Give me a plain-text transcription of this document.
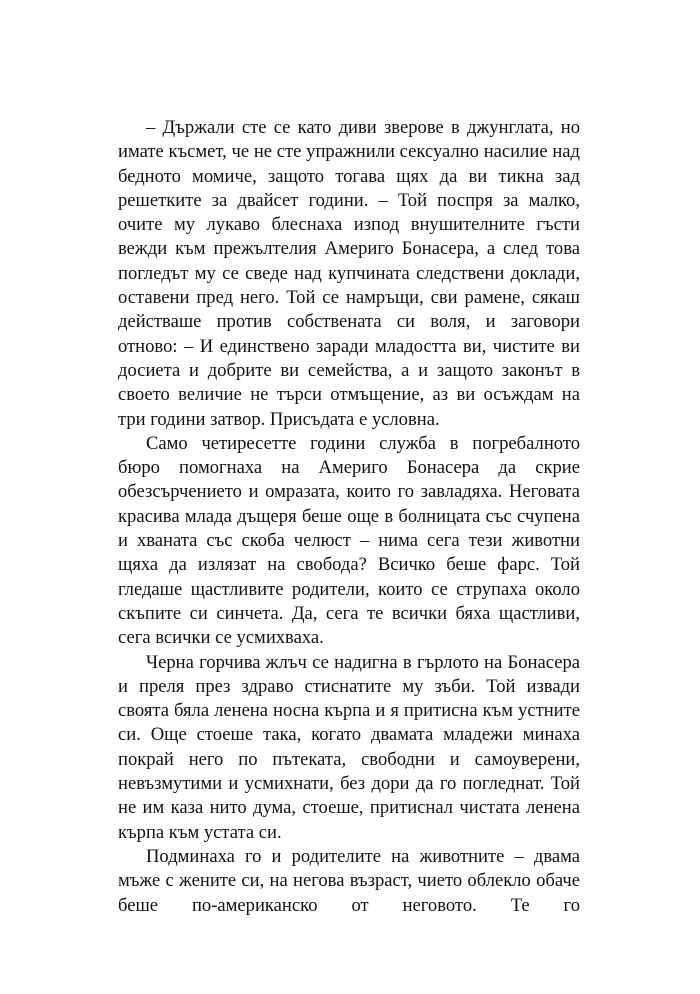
– Държали сте се като диви зверове в джунглата, но имате късмет, че не сте упражнили сексуално насилие над бедното момиче, защото тогава щях да ви тикна зад решетките за двайсет години. – Той поспря за малко, очите му лукаво блеснаха изпод внушителните гъсти вежди към прежълтелия Америго Бонасера, а след това погледът му се сведе над купчината следствени доклади, оставени пред него. Той се намръщи, сви рамене, сякаш действаше против собствената си воля, и заговори отново: – И единствено заради младостта ви, чистите ви досиета и добрите ви семейства, а и защото законът в своето величие не търси отмъщение, аз ви осъждам на три години затвор. Присъдата е условна.

Само четиресетте години служба в погребалното бюро помогнаха на Америго Бонасера да скрие обезсърчението и омразата, които го завладяха. Неговата красива млада дъщеря беше още в болницата със счупена и хваната със скоба челюст – нима сега тези животни щяха да излязат на свобода? Всичко беше фарс. Той гледаше щастливите родители, които се струпаха около скъпите си синчета. Да, сега те всички бяха щастливи, сега всички се усмихваха.

Черна горчива жлъч се надигна в гърлото на Бонасера и преля през здраво стиснатите му зъби. Той извади своята бяла ленена носна кърпа и я притисна към устните си. Още стоеше така, когато двамата младежи минаха покрай него по пътеката, свободни и самоуверени, невъзмутими и усмихнати, без дори да го погледнат. Той не им каза нито дума, стоеше, притиснал чистата ленена кърпа към устата си.

Подминаха го и родителите на животните – двама мъже с жените си, на негова възраст, чието облекло обаче беше по-американско от неговото. Те го
